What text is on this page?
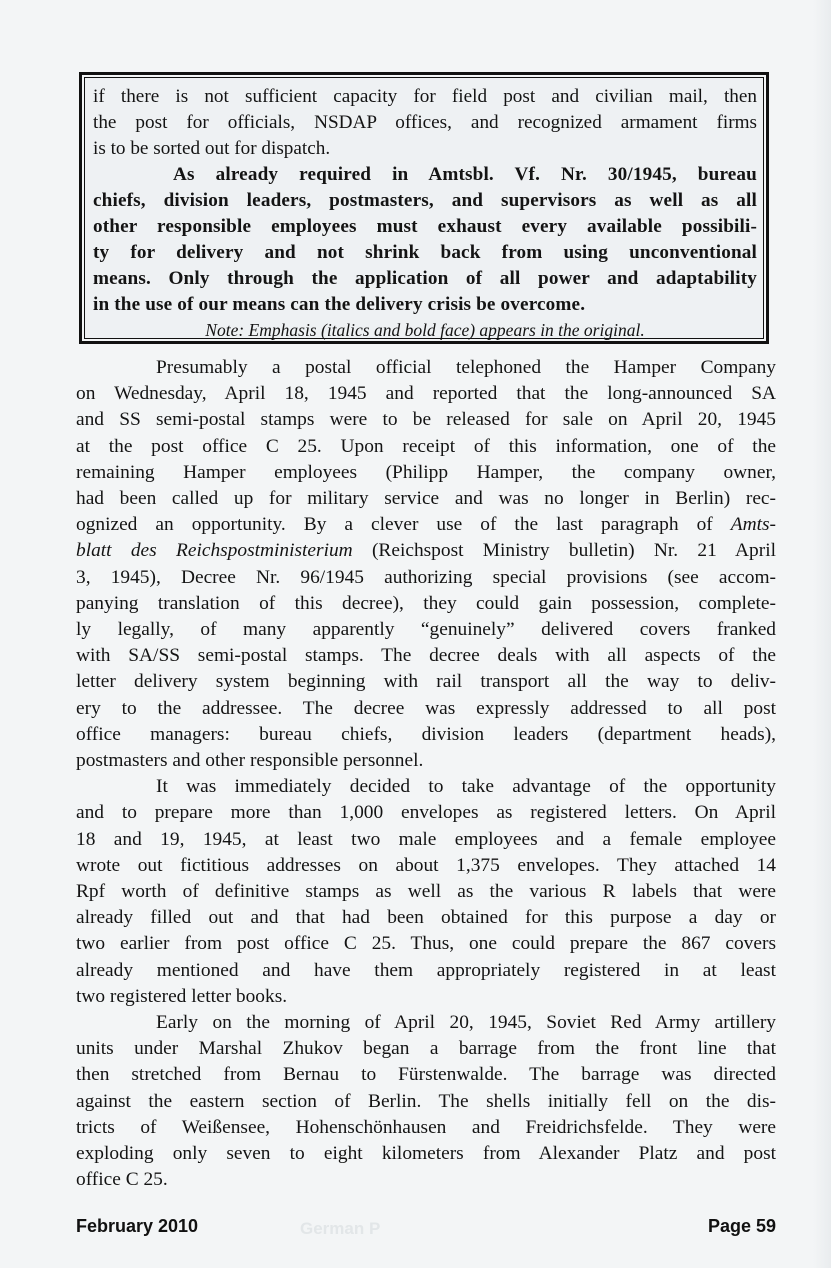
if there is not sufficient capacity for field post and civilian mail, then
the post for officials, NSDAP offices, and recognized armament firms
is to be sorted out for dispatch.

As already required in Amtsbl. Vf. Nr. 30/1945, bureau
chiefs, division leaders, postmasters, and supervisors as well as all
other responsible employees must exhaust every available possibili-
ty for delivery and not shrink back from using unconventional
means. Only through the application of all power and adaptability
in the use of our means can the delivery crisis be overcome.

Note: Emphasis (italics and bold face) appears in the original.

Presumably a postal official telephoned the Hamper Company
on Wednesday, April 18, 1945 and reported that the long-announced SA
and SS semi-postal stamps were to be released for sale on April 20, 1945
at the post office C 25. Upon receipt of this information, one of the
remaining Hamper employees (Philipp Hamper, the company owner,
had been called up for military service and was no longer in Berlin) rec-
ognized an opportunity. By a clever use of the last paragraph of Amts-
blatt des Reichspostministerium (Reichspost Ministry bulletin) Nr. 21 April
3, 1945), Decree Nr. 96/1945 authorizing special provisions (see accom-
panying translation of this decree), they could gain possession, complete-
ly legally, of many apparently “genuinely” delivered covers franked
with SA/SS semi-postal stamps. The decree deals with all aspects of the
letter delivery system beginning with rail transport all the way to deliv-
ery to the addressee. The decree was expressly addressed to all post
office managers: bureau chiefs, division leaders (department heads),
postmasters and other responsible personnel.

It was immediately decided to take advantage of the opportunity
and to prepare more than 1,000 envelopes as registered letters. On April
18 and 19, 1945, at least two male employees and a female employee
wrote out fictitious addresses on about 1,375 envelopes. They attached 14
Rpf worth of definitive stamps as well as the various R labels that were
already filled out and that had been obtained for this purpose a day or
two earlier from post office C 25. Thus, one could prepare the 867 covers
already mentioned and have them appropriately registered in at least
two registered letter books.

Early on the morning of April 20, 1945, Soviet Red Army artillery
units under Marshal Zhukov began a barrage from the front line that
then stretched from Bernau to Fürstenwalde. The barrage was directed
against the eastern section of Berlin. The shells initially fell on the dis-
tricts of Weißensee, Hohenschönhausen and Freidrichsfelde. They were
exploding only seven to eight kilometers from Alexander Platz and post
office C 25.

German P
February 2010	Page 59
